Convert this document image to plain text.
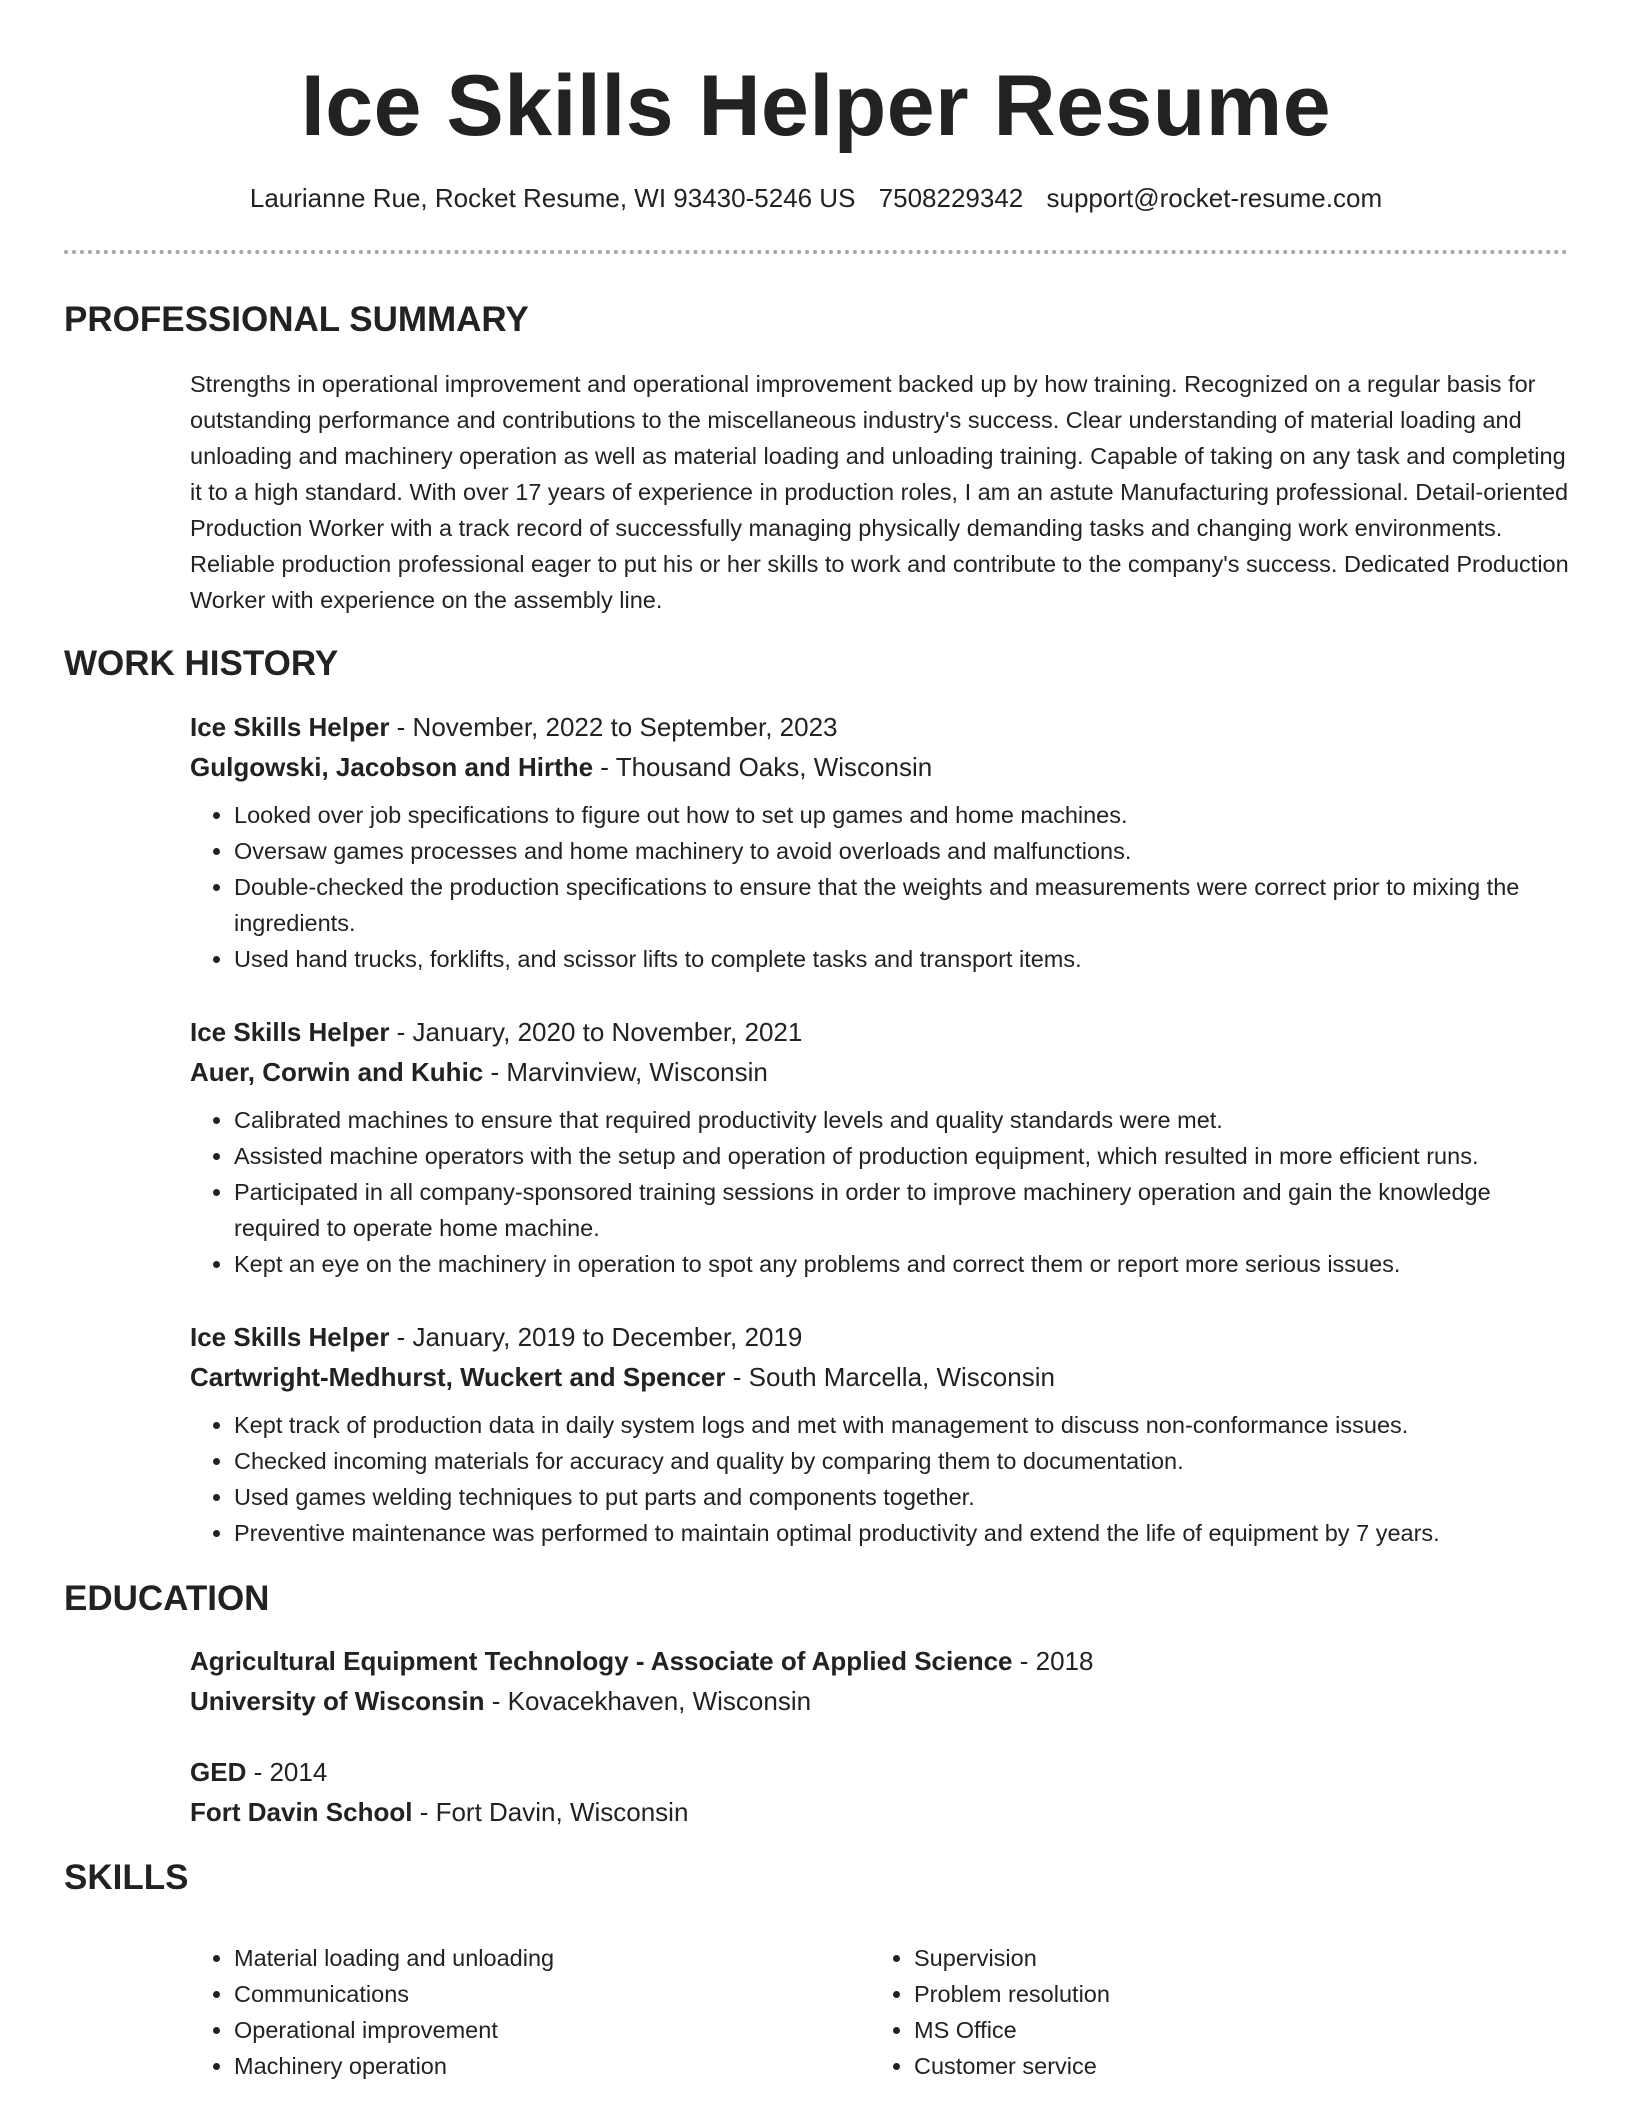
Ice Skills Helper Resume
Laurianne Rue, Rocket Resume, WI 93430-5246 US 7508229342 support@rocket-resume.com
PROFESSIONAL SUMMARY

Strengths in operational improvement and operational improvement backed up by how training. Recognized on a regular basis for outstanding performance and contributions to the miscellaneous industry's success. Clear understanding of material loading and unloading and machinery operation as well as material loading and unloading training. Capable of taking on any task and completing it to a high standard. With over 17 years of experience in production roles, I am an astute Manufacturing professional. Detail-oriented Production Worker with a track record of successfully managing physically demanding tasks and changing work environments. Reliable production professional eager to put his or her skills to work and contribute to the company's success. Dedicated Production Worker with experience on the assembly line.

WORK HISTORY
Ice Skills Helper - November, 2022 to September, 2023
Gulgowski, Jacobson and Hirthe - Thousand Oaks, Wisconsin
• Looked over job specifications to figure out how to set up games and home machines.
• Oversaw games processes and home machinery to avoid overloads and malfunctions.
• Double-checked the production specifications to ensure that the weights and measurements were correct prior to mixing the ingredients.
• Used hand trucks, forklifts, and scissor lifts to complete tasks and transport items.
Ice Skills Helper - January, 2020 to November, 2021
Auer, Corwin and Kuhic - Marvinview, Wisconsin
• Calibrated machines to ensure that required productivity levels and quality standards were met.
• Assisted machine operators with the setup and operation of production equipment, which resulted in more efficient runs.
• Participated in all company-sponsored training sessions in order to improve machinery operation and gain the knowledge required to operate home machine.
• Kept an eye on the machinery in operation to spot any problems and correct them or report more serious issues.
Ice Skills Helper - January, 2019 to December, 2019
Cartwright-Medhurst, Wuckert and Spencer - South Marcella, Wisconsin
• Kept track of production data in daily system logs and met with management to discuss non-conformance issues.
• Checked incoming materials for accuracy and quality by comparing them to documentation.
• Used games welding techniques to put parts and components together.
• Preventive maintenance was performed to maintain optimal productivity and extend the life of equipment by 7 years.
EDUCATION
Agricultural Equipment Technology - Associate of Applied Science - 2018
University of Wisconsin - Kovacekhaven, Wisconsin
GED - 2014
Fort Davin School - Fort Davin, Wisconsin
SKILLS
• Material loading and unloading
• Communications
• Operational improvement
• Machinery operation
• Supervision
• Problem resolution
• MS Office
• Customer service
